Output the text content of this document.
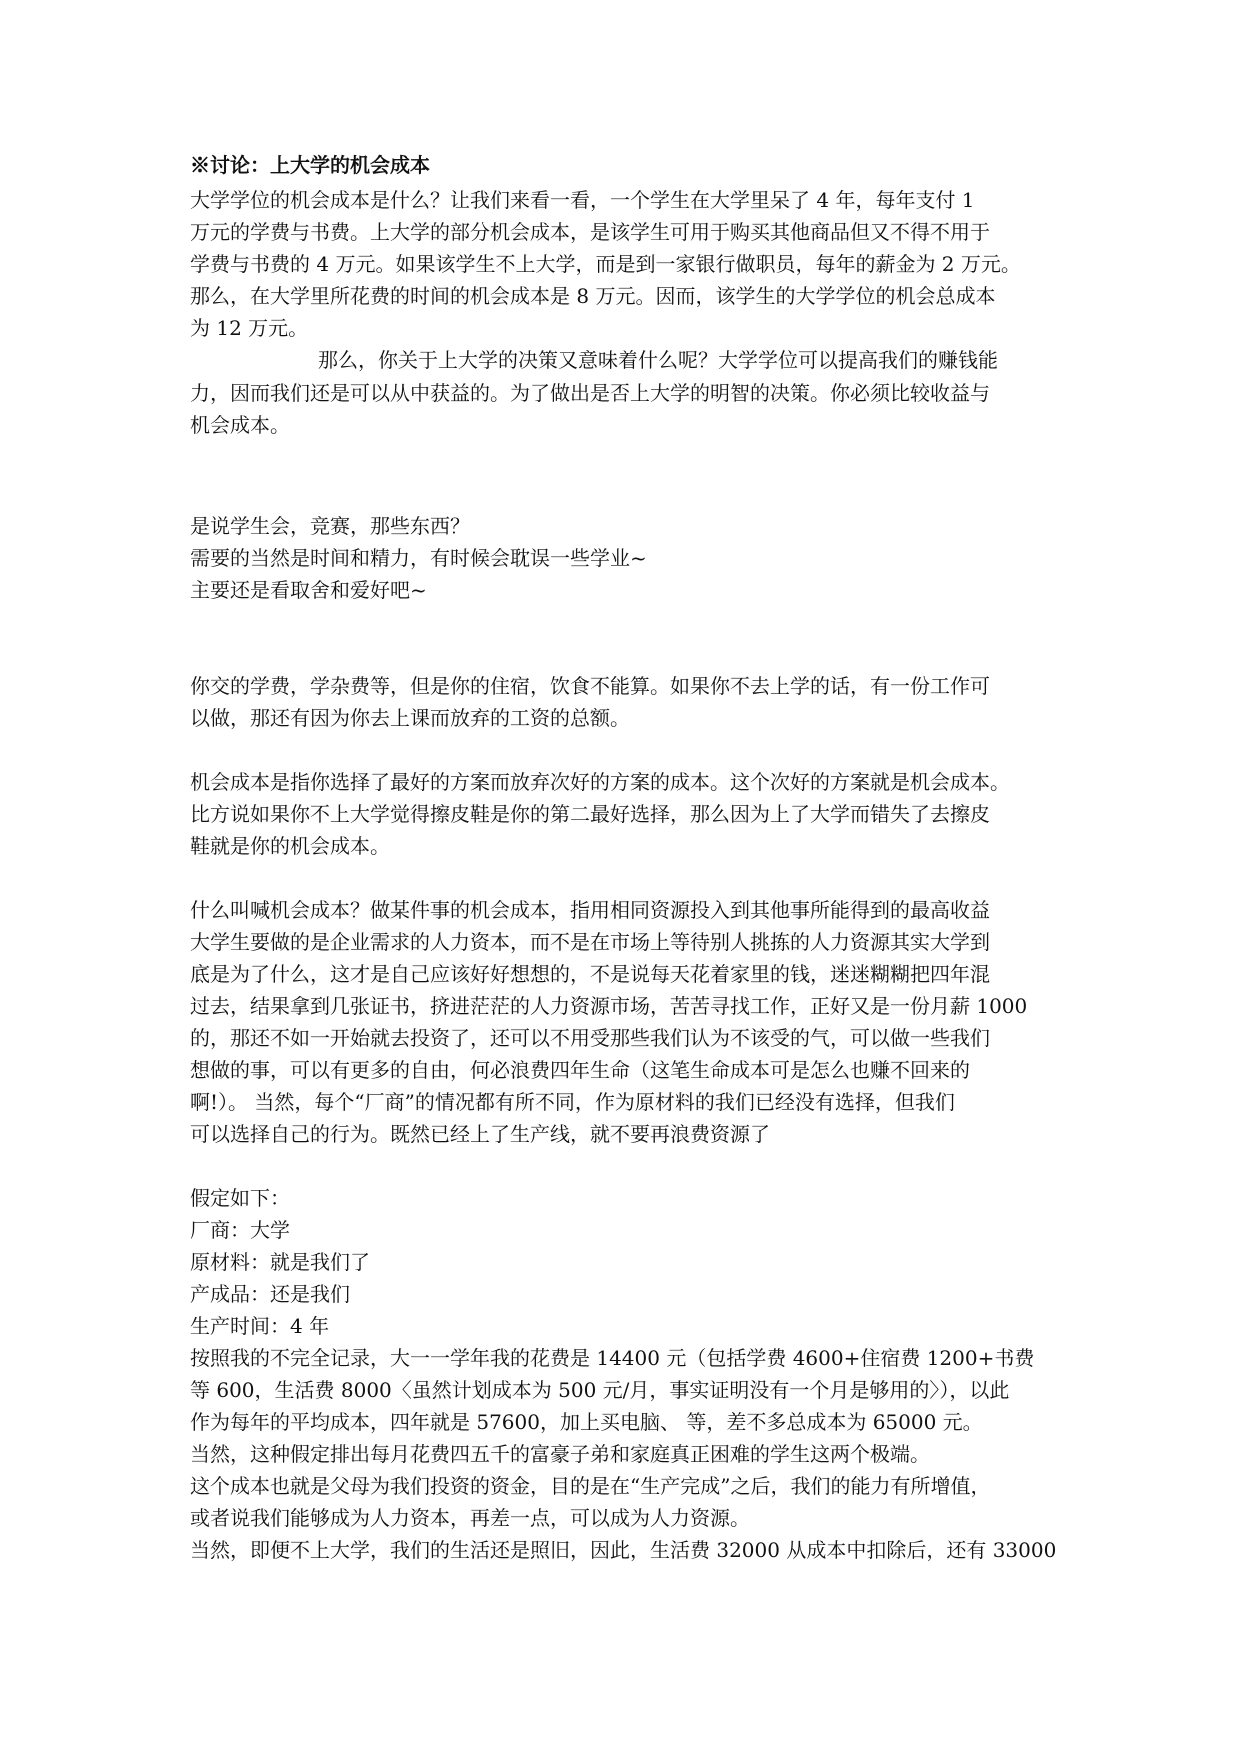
※讨论：上大学的机会成本
大学学位的机会成本是什么？让我们来看一看，一个学生在大学里呆了 4 年，每年支付 1
万元的学费与书费。上大学的部分机会成本，是该学生可用于购买其他商品但又不得不用于
学费与书费的 4 万元。如果该学生不上大学，而是到一家银行做职员，每年的薪金为 2 万元。
那么，在大学里所花费的时间的机会成本是 8 万元。因而，该学生的大学学位的机会总成本
为 12 万元。
那么，你关于上大学的决策又意味着什么呢？大学学位可以提高我们的赚钱能
力，因而我们还是可以从中获益的。为了做出是否上大学的明智的决策。你必须比较收益与
机会成本。
是说学生会，竞赛，那些东西？
需要的当然是时间和精力，有时候会耽误一些学业~
主要还是看取舍和爱好吧~
你交的学费，学杂费等，但是你的住宿，饮食不能算。如果你不去上学的话，有一份工作可
以做，那还有因为你去上课而放弃的工资的总额。
机会成本是指你选择了最好的方案而放弃次好的方案的成本。这个次好的方案就是机会成本。
比方说如果你不上大学觉得擦皮鞋是你的第二最好选择，那么因为上了大学而错失了去擦皮
鞋就是你的机会成本。
什么叫喊机会成本？做某件事的机会成本，指用相同资源投入到其他事所能得到的最高收益
大学生要做的是企业需求的人力资本，而不是在市场上等待别人挑拣的人力资源其实大学到
底是为了什么，这才是自己应该好好想想的，不是说每天花着家里的钱，迷迷糊糊把四年混
过去，结果拿到几张证书，挤进茫茫的人力资源市场，苦苦寻找工作，正好又是一份月薪 1000
的，那还不如一开始就去投资了，还可以不用受那些我们认为不该受的气，可以做一些我们
想做的事，可以有更多的自由，何必浪费四年生命（这笔生命成本可是怎么也赚不回来的
啊!）。 当然，每个“厂商”的情况都有所不同，作为原材料的我们已经没有选择，但我们
可以选择自己的行为。既然已经上了生产线，就不要再浪费资源了
假定如下：
厂商：大学
原材料：就是我们了
产成品：还是我们
生产时间：4 年
按照我的不完全记录，大一一学年我的花费是 14400 元（包括学费 4600+住宿费 1200+书费
等 600，生活费 8000〈虽然计划成本为 500 元/月，事实证明没有一个月是够用的〉），以此
作为每年的平均成本，四年就是 57600，加上买电脑、 等，差不多总成本为 65000 元。
当然，这种假定排出每月花费四五千的富豪子弟和家庭真正困难的学生这两个极端。
这个成本也就是父母为我们投资的资金，目的是在“生产完成”之后，我们的能力有所增值，
或者说我们能够成为人力资本，再差一点，可以成为人力资源。
当然，即便不上大学，我们的生活还是照旧，因此，生活费 32000 从成本中扣除后，还有 33000
